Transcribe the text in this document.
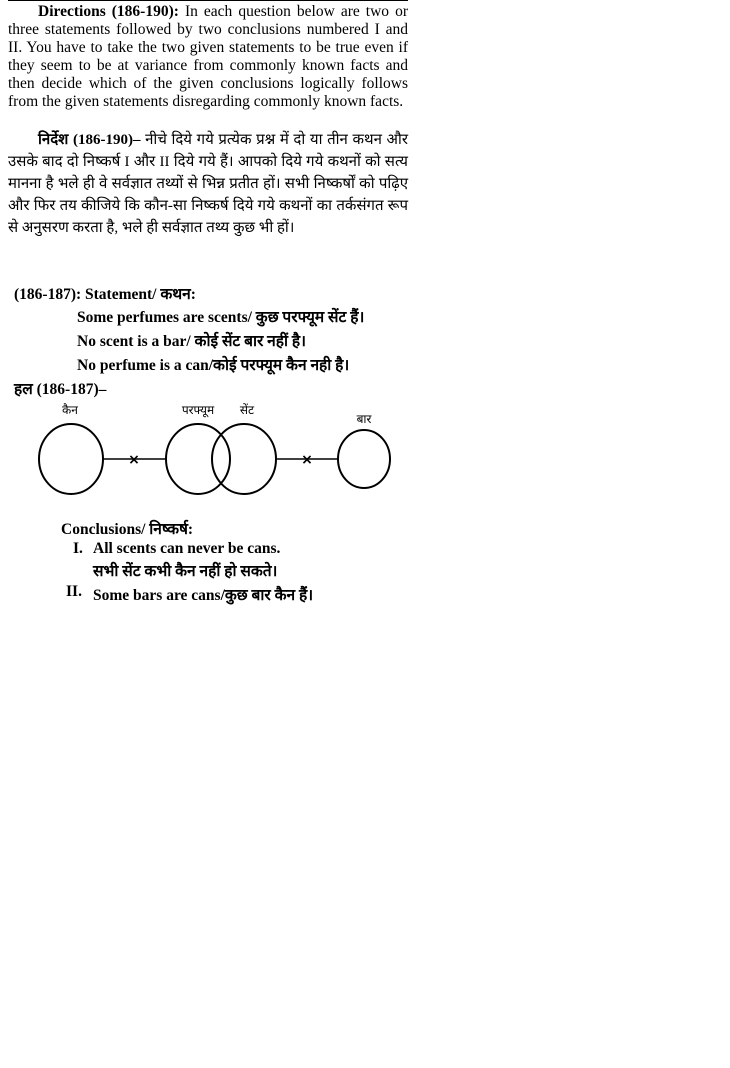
Directions (186-190): In each question below are two or three statements followed by two conclusions numbered I and II. You have to take the two given statements to be true even if they seem to be at variance from commonly known facts and then decide which of the given conclusions logically follows from the given statements disregarding commonly known facts.

निर्देश (186-190)– नीचे दिये गये प्रत्येक प्रश्न में दो या तीन कथन और उसके बाद दो निष्कर्ष I और II दिये गये हैं। आपको दिये गये कथनों को सत्य मानना है भले ही वे सर्वज्ञात तथ्यों से भिन्न प्रतीत हों। सभी निष्कर्षों को पढ़िए और फिर तय कीजिये कि कौन-सा निष्कर्ष दिये गये कथनों का तर्कसंगत रूप से अनुसरण करता है, भले ही सर्वज्ञात तथ्य कुछ भी हों।

(186-187): Statement/ कथन:
Some perfumes are scents/ कुछ परफ्यूम सेंट हैं।
No scent is a bar/ कोई सेंट बार नहीं है।
No perfume is a can/कोई परफ्यूम कैन नही है।
हल (186-187)–
कैन	परफ्यूम सेंट
बार
×	×
Conclusions/ निष्कर्ष:
I. All scents can never be cans.
सभी सेंट कभी कैन नहीं हो सकते।
II. Some bars are cans/कुछ बार कैन हैं।
